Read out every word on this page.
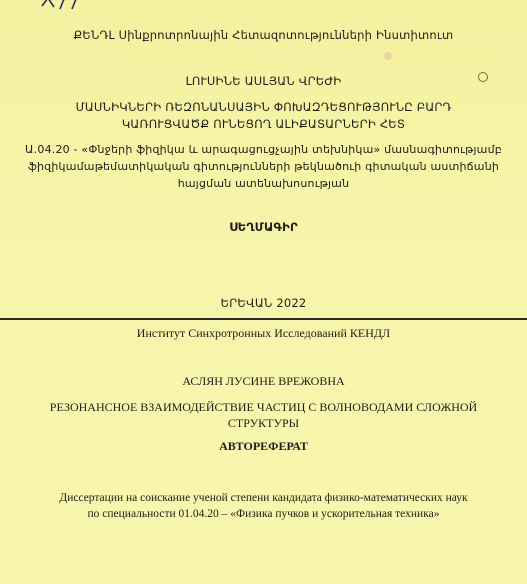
ՔԵՆԴԼ Սինքրոտրոնային Հետազոտությունների Ինստիտուտ
ԼՈՒՍԻՆԵ ԱՍԼՅԱՆ ՎՐԵԺԻ
ՄԱՍՆԻԿՆԵՐԻ ՌԵԶՈՆԱՆՍԱՅԻՆ ՓՈԽԱԶԴԵՑՈՒԹՅՈՒՆԸ ԲԱՐԴ
ԿԱՌՈՒՑՎԱԾՔ ՈՒՆԵՑՈՂ ԱԼԻՔԱՏԱՐՆԵՐԻ ՀԵՏ
Ա.04.20 - «Փնջերի ֆիզիկա և արագացուցչային տեխնիկա» մասնագիտությամբ
ֆիզիկամաթեմատիկական գիտությունների թեկնածուի գիտական աստիճանի
հայցման ատենախոսության
ՍԵՂՄԱԳԻՐ
ԵՐԵՎԱՆ 2022
Институт Синхротронных Исследований КЕНДЛ
АСЛЯН ЛУСИНЕ ВРЕЖОВНА
РЕЗОНАНСНОЕ ВЗАИМОДЕЙСТВИЕ ЧАСТИЦ С ВОЛНОВОДАМИ СЛОЖНОЙ
СТРУКТУРЫ
АВТОРЕФЕРАТ
Диссертации на соискание ученой степени кандидата физико-математических наук
по специальности 01.04.20 – «Физика пучков и ускорительная техника»
